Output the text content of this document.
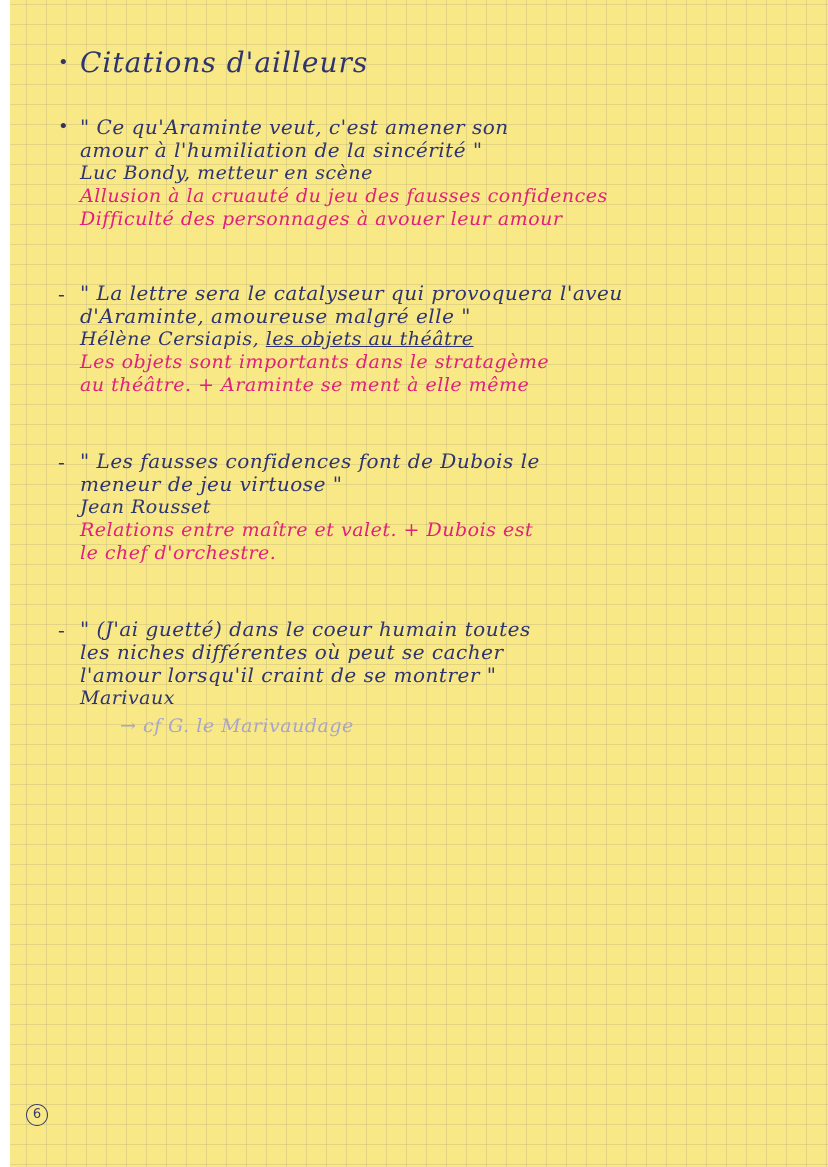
• Citations d'ailleurs
• " Ce qu'Araminte veut, c'est amener son

amour à l'humiliation de la sincérité "

Luc Bondy, metteur en scène

Allusion à la cruauté du jeu des fausses confidences

Difficulté des personnages à avouer leur amour

- " La lettre sera le catalyseur qui provoquera l'aveu

d'Araminte, amoureuse malgré elle "

Hélène Cersiapis, les objets au théâtre

Les objets sont importants dans le stratagème

au théâtre. + Araminte se ment à elle même

- " Les fausses confidences font de Dubois le

meneur de jeu virtuose "

Jean Rousset

Relations entre maître et valet. + Dubois est

le chef d'orchestre.

- " (J'ai guetté) dans le coeur humain toutes

les niches différentes où peut se cacher

l'amour lorsqu'il craint de se montrer "

Marivaux

→ cf G. le Marivaudage

6
